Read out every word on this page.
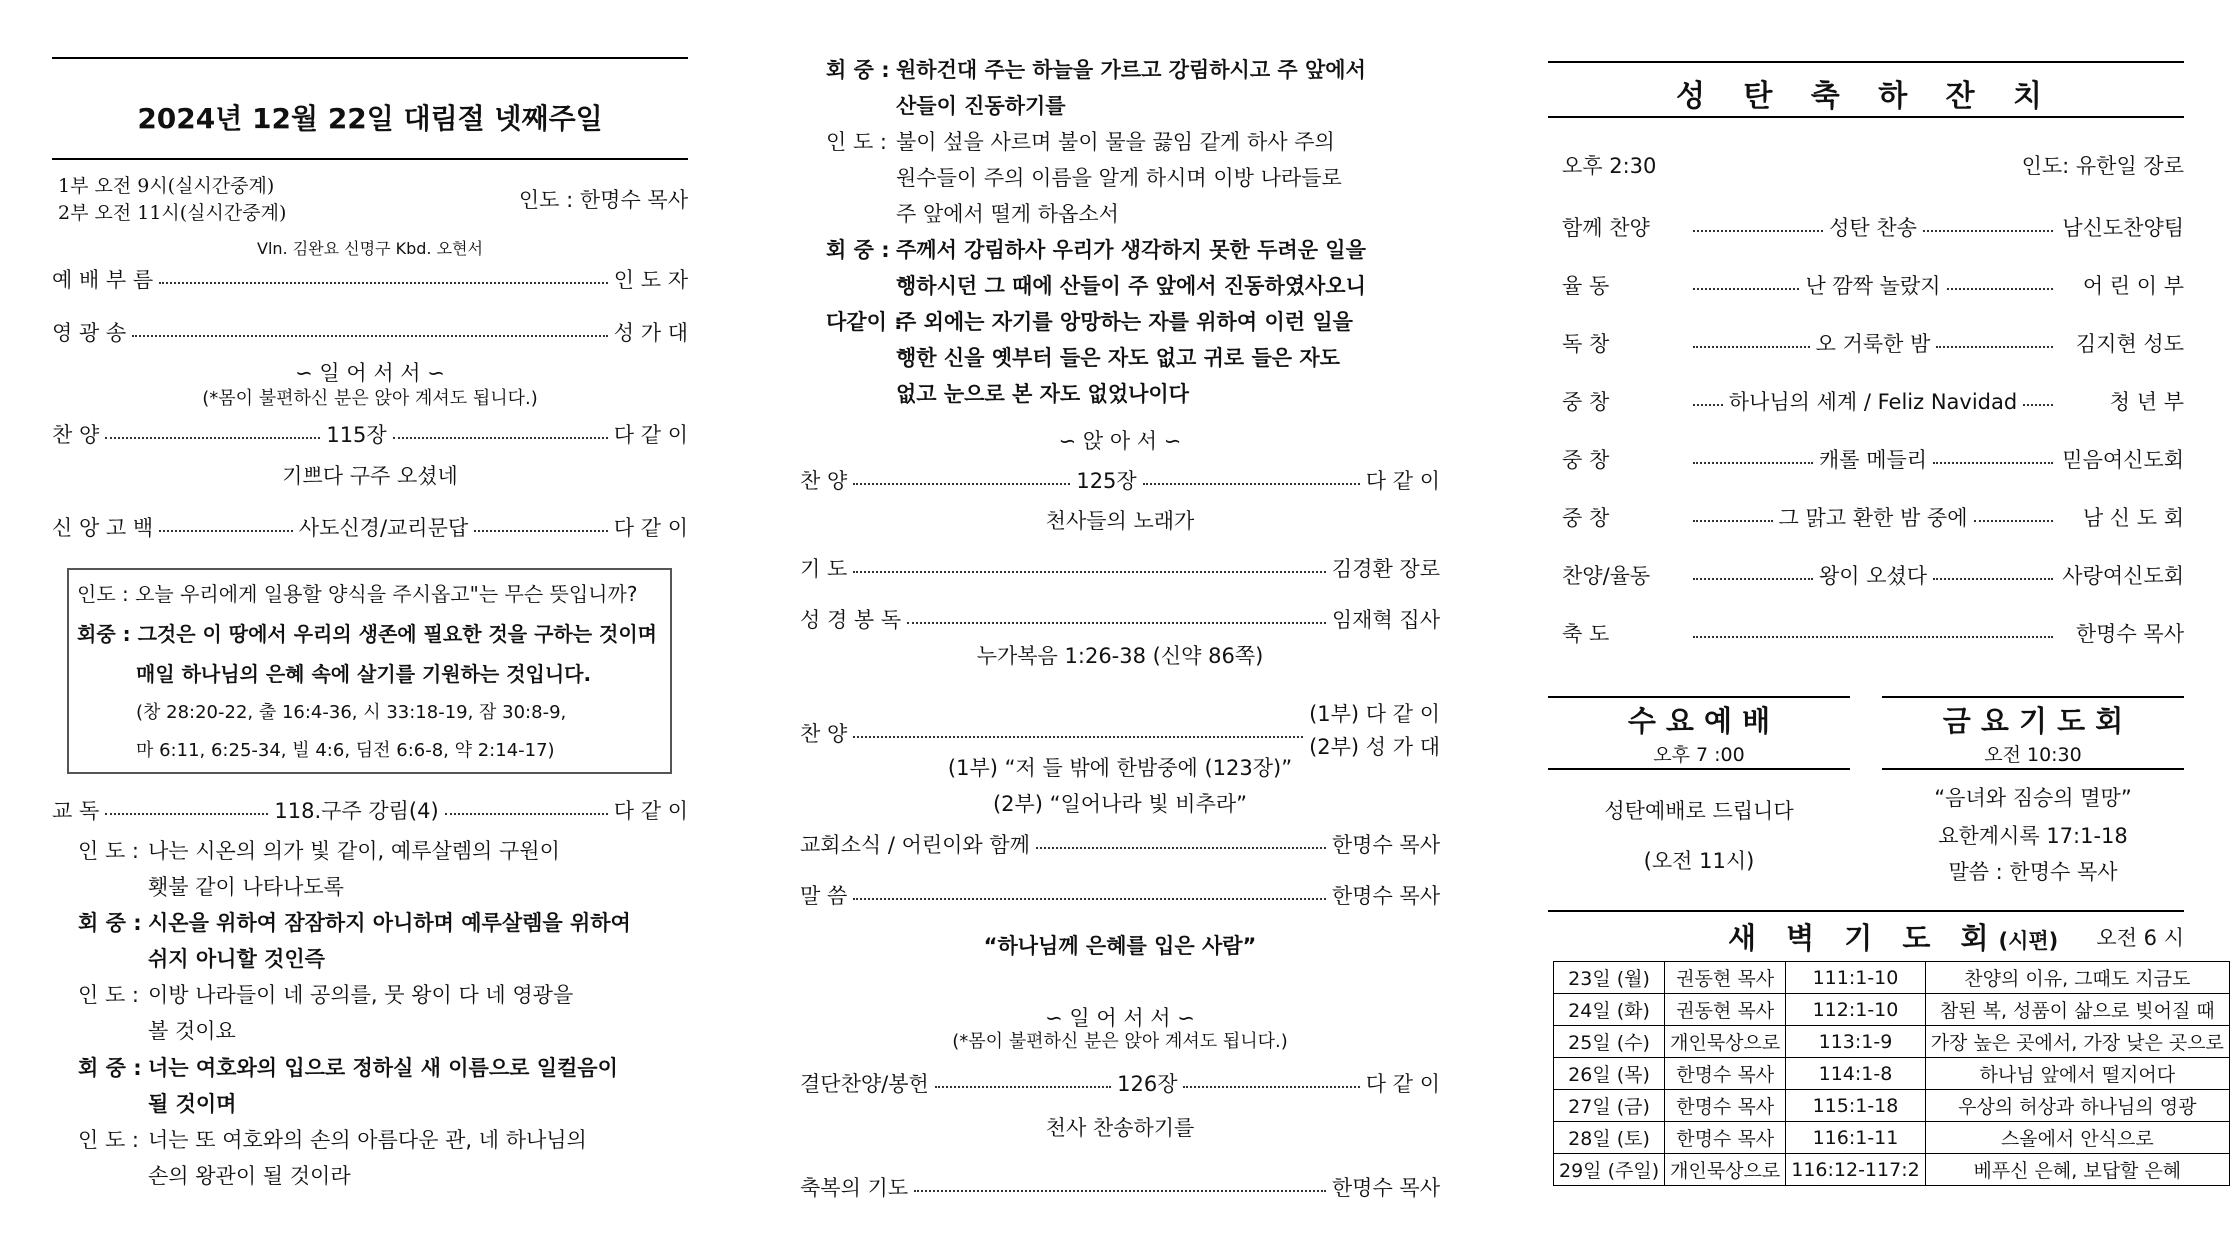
2024년 12월 22일 대림절 넷째주일
1부 오전 9시(실시간중계)
2부 오전 11시(실시간중계)
인도 : 한명수 목사
Vln. 김완요 신명구 Kbd. 오현서
예 배 부 름	인 도 자
영 광 송	성 가 대
∽ 일 어 서 서 ∽
(*몸이 불편하신 분은 앉아 계셔도 됩니다.)
찬 양	115장	다 같 이
기쁘다 구주 오셨네
신 앙 고 백	사도신경/교리문답	다 같 이
인도 : 오늘 우리에게 일용할 양식을 주시옵고"는 무슨 뜻입니까?
회중 : 그것은 이 땅에서 우리의 생존에 필요한 것을 구하는 것이며
매일 하나님의 은혜 속에 살기를 기원하는 것입니다.
(창 28:20-22, 출 16:4-36, 시 33:18-19, 잠 30:8-9,
마 6:11, 6:25-34, 빌 4:6, 딤전 6:6-8, 약 2:14-17)
교 독	118.구주 강림(4)	다 같 이
인 도 : 나는 시온의 의가 빛 같이, 예루살렘의 구원이
횃불 같이 나타나도록
회 중 : 시온을 위하여 잠잠하지 아니하며 예루살렘을 위하여
쉬지 아니할 것인즉
인 도 : 이방 나라들이 네 공의를, 뭇 왕이 다 네 영광을
볼 것이요
회 중 : 너는 여호와의 입으로 정하실 새 이름으로 일컬음이
될 것이며
인 도 : 너는 또 여호와의 손의 아름다운 관, 네 하나님의
손의 왕관이 될 것이라
회 중 : 원하건대 주는 하늘을 가르고 강림하시고 주 앞에서
산들이 진동하기를
인 도 : 불이 섶을 사르며 불이 물을 끓임 같게 하사 주의
원수들이 주의 이름을 알게 하시며 이방 나라들로
주 앞에서 떨게 하옵소서
회 중 : 주께서 강림하사 우리가 생각하지 못한 두려운 일을
행하시던 그 때에 산들이 주 앞에서 진동하였사오니
다같이 :주 외에는 자기를 앙망하는 자를 위하여 이런 일을
행한 신을 옛부터 들은 자도 없고 귀로 들은 자도
없고 눈으로 본 자도 없었나이다
∽ 앉 아 서 ∽
찬 양	125장	다 같 이
천사들의 노래가
기 도	김경환 장로
성 경 봉 독	임재혁 집사
누가복음 1:26-38 (신약 86쪽)
찬 양
(1부) 다 같 이
(2부) 성 가 대
(1부) “저 들 밖에 한밤중에 (123장)”
(2부) “일어나라 빛 비추라”
교회소식 / 어린이와 함께	한명수 목사
말 씀	한명수 목사
“하나님께 은혜를 입은 사람”
∽ 일 어 서 서 ∽
(*몸이 불편하신 분은 앉아 계셔도 됩니다.)
결단찬양/봉헌	126장	다 같 이
천사 찬송하기를
축복의 기도	한명수 목사
성 탄 축 하 잔 치
오후 2:30	인도: 유한일 장로
함께 찬양	성탄 찬송	남신도찬양팀
율 동	난 깜짝 놀랐지	어 린 이 부
독 창	오 거룩한 밤	김지현 성도
중 창	하나님의 세계 / Feliz Navidad	청 년 부
중 창	캐롤 메들리	믿음여신도회
중 창	그 맑고 환한 밤 중에	남 신 도 회
찬양/율동	왕이 오셨다	사랑여신도회
축 도	한명수 목사
수 요 예 배
오후 7 :00
성탄예배로 드립니다
(오전 11시)
금 요 기 도 회
오전 10:30
“음녀와 짐승의 멸망”
요한계시록 17:1-18
말씀 : 한명수 목사
새 벽 기 도 회(시편) 오전 6 시
23일 (월)	권동현 목사	111:1-10	찬양의 이유, 그때도 지금도
24일 (화)	권동현 목사	112:1-10	참된 복, 성품이 삶으로 빚어질 때
25일 (수)	개인묵상으로	113:1-9	가장 높은 곳에서, 가장 낮은 곳으로
26일 (목)	한명수 목사	114:1-8	하나님 앞에서 떨지어다
27일 (금)	한명수 목사	115:1-18	우상의 허상과 하나님의 영광
28일 (토)	한명수 목사	116:1-11	스올에서 안식으로
29일 (주일)	개인묵상으로	116:12-117:2	베푸신 은혜, 보답할 은혜
